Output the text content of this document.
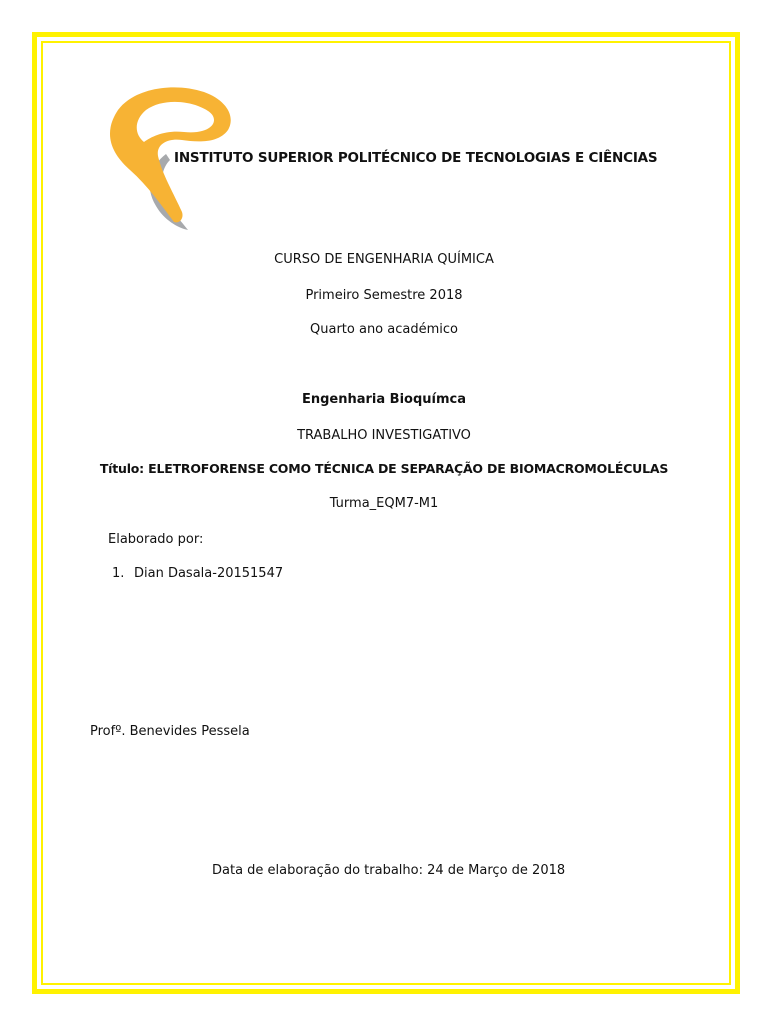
INSTITUTO SUPERIOR POLITÉCNICO DE TECNOLOGIAS E CIÊNCIAS
CURSO DE ENGENHARIA QUÍMICA
Primeiro Semestre 2018
Quarto ano académico
Engenharia Bioquímca
TRABALHO INVESTIGATIVO
Título: ELETROFORENSE COMO TÉCNICA DE SEPARAÇÃO DE BIOMACROMOLÉCULAS
Turma_EQM7-M1
Elaborado por:
1. Dian Dasala-20151547
Profº. Benevides Pessela
Data de elaboração do trabalho: 24 de Março de 2018
